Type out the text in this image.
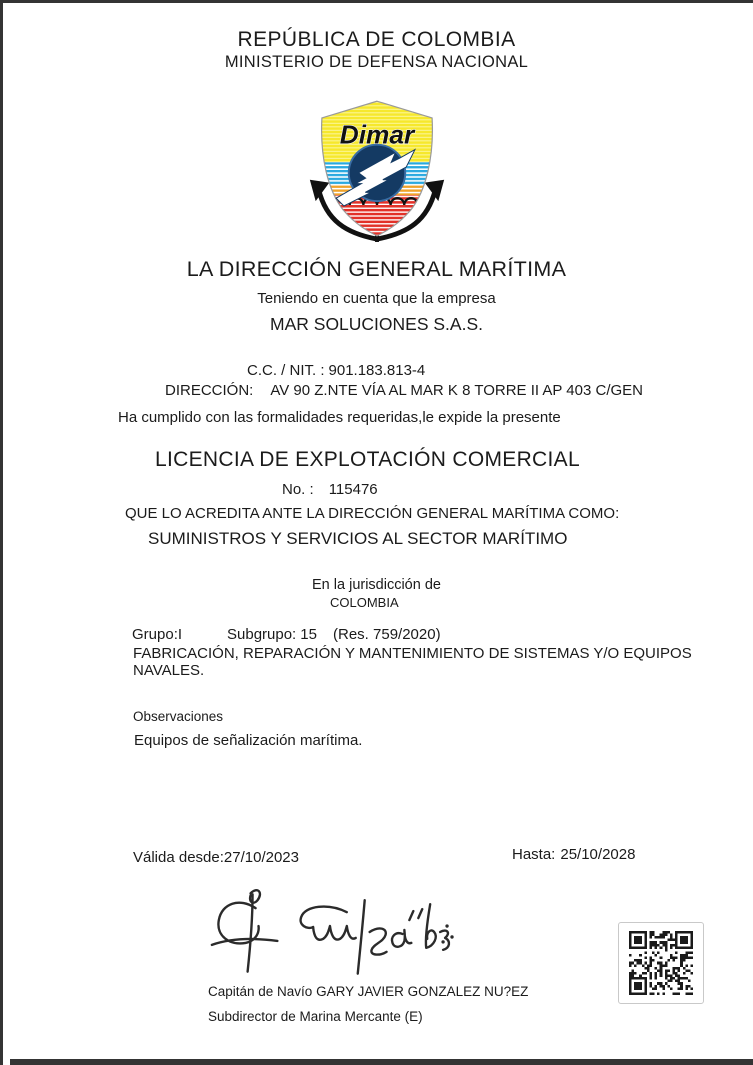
REPÚBLICA DE COLOMBIA
MINISTERIO DE DEFENSA NACIONAL
Dimar
LA DIRECCIÓN GENERAL MARÍTIMA
Teniendo en cuenta que la empresa
MAR SOLUCIONES S.A.S.
C.C. / NIT. : 901.183.813-4
DIRECCIÓN: AV 90 Z.NTE VÍA AL MAR K 8 TORRE II AP 403 C/GEN
Ha cumplido con las formalidades requeridas,le expide la presente
LICENCIA DE EXPLOTACIÓN COMERCIAL
No. : 115476
QUE LO ACREDITA ANTE LA DIRECCIÓN GENERAL MARÍTIMA COMO:
SUMINISTROS Y SERVICIOS AL SECTOR MARÍTIMO
En la jurisdicción de
COLOMBIA
Grupo:I	Subgrupo: 15 (Res. 759/2020)
FABRICACIÓN, REPARACIÓN Y MANTENIMIENTO DE SISTEMAS Y/O EQUIPOS
NAVALES.
Observaciones
Equipos de señalización marítima.
Válida desde:27/10/2023	Hasta: 25/10/2028
Capitán de Navío GARY JAVIER GONZALEZ NU?EZ
Subdirector de Marina Mercante (E)
